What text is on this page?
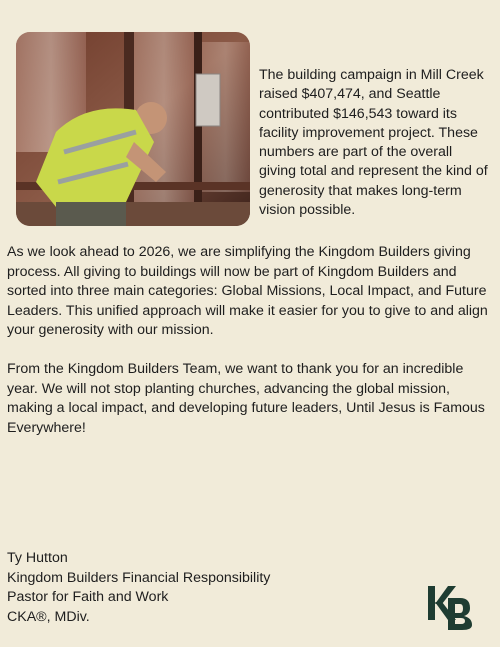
The building campaign in Mill Creek raised $407,474, and Seattle contributed $146,543 toward its facility improvement project. These numbers are part of the overall giving total and represent the kind of generosity that makes long-term vision possible.

As we look ahead to 2026, we are simplifying the Kingdom Builders giving process. All giving to buildings will now be part of Kingdom Builders and sorted into three main categories: Global Missions, Local Impact, and Future Leaders. This unified approach will make it easier for you to give to and align your generosity with our mission.

From the Kingdom Builders Team, we want to thank you for an incredible year. We will not stop planting churches, advancing the global mission, making a local impact, and developing future leaders, Until Jesus is Famous Everywhere!

Ty Hutton
Kingdom Builders Financial Responsibility
Pastor for Faith and Work
CKA®, MDiv.
